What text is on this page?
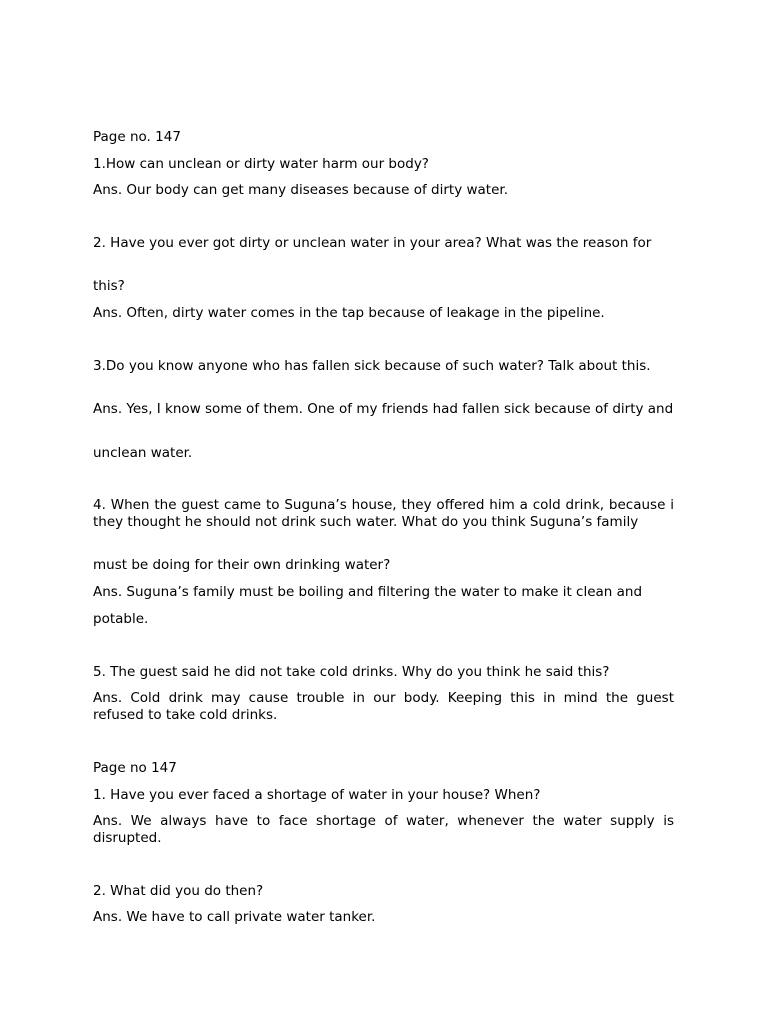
Page no. 147

1.How can unclean or dirty water harm our body?

Ans. Our body can get many diseases because of dirty water.

2. Have you ever got dirty or unclean water in your area? What was the reason for

this?

Ans. Often, dirty water comes in the tap because of leakage in the pipeline.

3.Do you know anyone who has fallen sick because of such water? Talk about this.

Ans. Yes, I know some of them. One of my friends had fallen sick because of dirty and

unclean water.

4. When the guest came to Suguna’s house, they offered him a cold drink, because i they thought he should not drink such water. What do you think Suguna’s family

must be doing for their own drinking water?

Ans. Suguna’s family must be boiling and filtering the water to make it clean and

potable.

5. The guest said he did not take cold drinks. Why do you think he said this?

Ans. Cold drink may cause trouble in our body. Keeping this in mind the guest refused to take cold drinks.

Page no 147

1. Have you ever faced a shortage of water in your house? When?

Ans. We always have to face shortage of water, whenever the water supply is disrupted.

2. What did you do then?

Ans. We have to call private water tanker.
